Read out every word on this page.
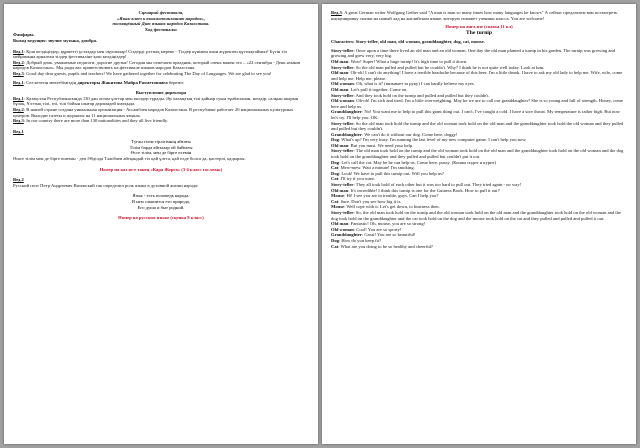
Сценарий фестиваля,
«Язык-ключ к взаимопониманию народов»,
посвящённый Дню языков народов Казахстана.
Ход фестиваля:
Фанфары.
Выход ведущих: звучит музыка, домбра.
Вед.1: Қош келдіңіздер, құрметті ұстаздар мен оқушылар! Сіздерді ұлттық мереке - Тілдер күнімен шын жүректен құттықтаймыз! Бүгін тіл мейрамына арналған тілдер фестивалінe қош келдіңіздер!
Вед.2: Добрый день, уважаемые педагоги, дорогие друзья! Сегодня мы отмечаем праздник, который очень важен это – «22 сентября - День языков народов Казахстана». Мы рады вас приветствовать на фестивале языков народов Казахстана.
Вед.3: Good day dear guests, pupils and teachers! We have gathered together for celebrating The Day of Languages. We are glad to see you!
Вед.1: Сөз кезегін мектебіміздің директоры Жакитова Майра Рахметовнаға береміз
Выступление директора
Вед.1: Қазақстан Республикасында 130 дан астам ұлттар мен өкілдер тұрады. Әр халықтың тілі қайнар суын тұнбасынан, мөлдір, салқын шырын бұлақ. Ұлттық тілі, өзі, тілі бойын шығар дарлиндей шатқыда.
Вед.2: В нашей стране создана уникальная организация - Ассамблея народов Казахстана. В республике работает 26 национальных культурных центров. Выходят газеты и журналы на 11 национальных языках.
Вед.3: In our country there are more than 130 nationalities and they all live friendly.
Вед.1
Туған тілім тірлігімнің айғағы
Тілім барда айтылар ой байғағы
Өссе тілім, мен де бірге өсемін
Өшсе тілім мен де бірге өшемін - деп Әбділда Тәжібаев айтқандай тіл қай ұлтта, қай елде болса да, қастерлі, қадырлы.
Номер на каз яз-е танец «Кара Жорга» (3-4 класс гос.язык)
Вед.2
Русский поэт Петр Андреевич Вяземский так определил роль языка в духовной жизни народа:
Язык - есть исповедь народа.
В нем слышится его природа,
Его душа и быт родной.
Номер на русском языке (сценка 8 класс)
Вед.3: A great German writer Wolfgang Gether said "A man is man so many times how many languages he knows" А сейчас предлагаем вам посмотреть инсценировку сказки на новый лад на английском языке, которую покажет ученики класса. You are welcome!
Номер на англ.язе (сказка 11 кл)
The turnip
Characters: Story-teller, old man, old woman, granddaughter, dog, cat, mouse.
Story-teller: Once upon a time there lived an old man and an old woman. One day the old man planted a turnip in his garden. The turnip was growing and growing and grew very, very big.
Old man: Wow! Super! What a huge turnip! It's high time to pull it down.
Story-teller: So the old man pulled and pulled but he couldn't. Why? I think he is not quite well today. Look at him.
Old man: Oh-oh! I can't do anything! I have a terrible headache because of this beer. I'm a little drunk. I have to ask my old lady to help me. Wife, wife, come and help me. Help me, please.
Old woman: Oh, what is it? (вязывает за руку) I can hardly believe my eyes.
Old man: Let's pull it together. Come on.
Story-teller: And they took hold on the turnip and pulled and pulled but they couldn't.
Old woman: Oh-oh! I'm sick and tired. I'm a little overweighting. May be we are to call our granddaughter? She is so young and full of strength. Honey, come here and help us.
Granddaughter: No! You want me to help to pull this giant thing out. I can't, I've caught a cold. I have a sore throat. My temperature is rather high. But now let's try. I'll help you. OK.
Story-teller: So the old man took hold the turnip and the old woman took hold on the old man and the granddaughter took hold the old woman and they pulled and pulled but they couldn't.
Granddaughter: We can't do it without our dog. Come here, doggy!
Dog: What's up? I'm very busy. I'm running the last level of my new computer game. I can't help you now.
Old man: But you must. We need your help.
Story-teller: The old man took hold on the turnip and the old woman took hold on the old man and the granddaughter took hold on the old woman and the dog took hold on the granddaughter and they pulled and pulled but couldn't put it out.
Dog: Let's call the cat. May be he can help us. Come here, pussy. (Кошка сидит и курит)
Cat: Mew-mew. Wait a minute! I'm smoking.
Dog: Look! We have to pull this turnip out. Will you help us?
Cat: I'll try if you want.
Story-teller: They all took hold of each other but it was too hard to pull out. They tried again - no way!
Old man: It's incredible! I think this turnip is one for the Guiness Book. How to pull it out?
Mouse: Hi! I see you are in trouble, guys. Can I help you?
Cat: Sure. Don't you see how big it is.
Mouse: Well cope with it. Let's get down, to business then.
Story-teller: So, the old man took hold on the turnip and the old woman took hold on the old man and the granddaughter took hold on the old woman and the dog took hold on the granddaughter and the cat took hold on the dog and the mouse took hold on the cat and they pulled and pulled and pulled it out.
Old man: Fantastic! Oh, mouse, you are so strong!
Old woman: Cool! You are so sporty!
Granddaughter: Great! You are so beautiful!
Dog: How do you keep fit?
Cat: What are you doing to be so healthy and cheerful?
